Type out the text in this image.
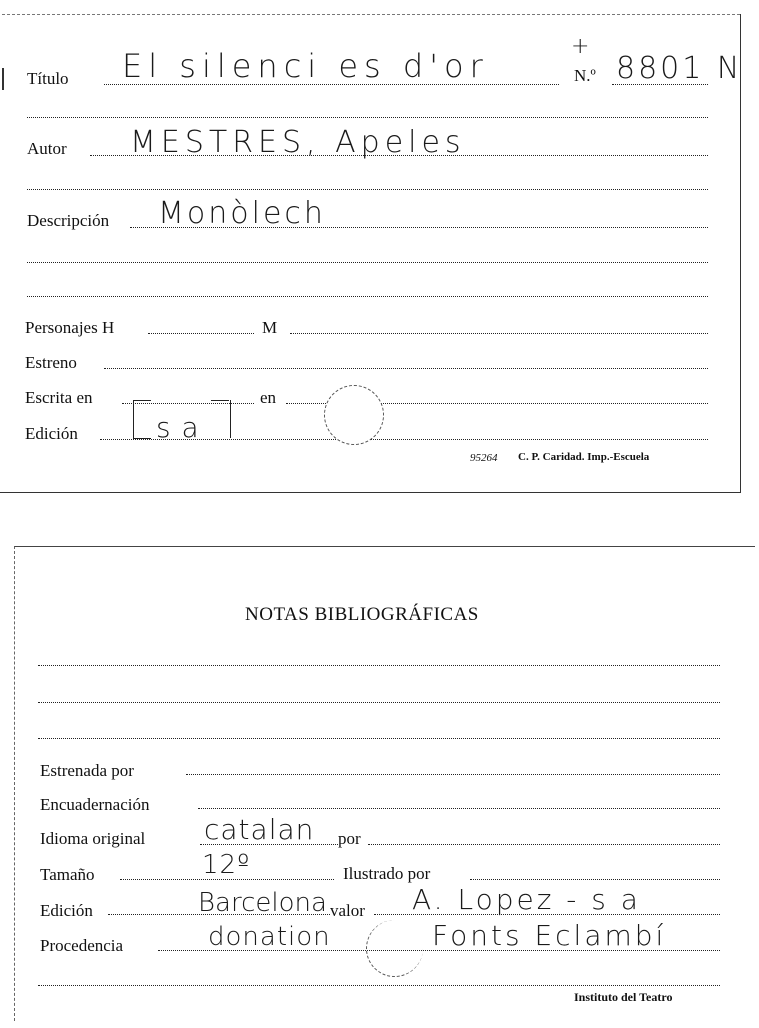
Título El silenci es d'or
+
N.º 8801 N
Autor MESTRES, Apeles
Descripción Monòlech
Personajes H	M
Estreno
Escrita en	en
Edición	s a
95264 C. P. Caridad. Imp.-Escuela
NOTAS BIBLIOGRÁFICAS
Estrenada por
Encuadernación
Idioma original catalan por
Tamaño	12º	Ilustrado por
Edición	Barcelona valor A. Lopez - s a
Procedencia	donation	Fonts Eclambí
Instituto del Teatro
